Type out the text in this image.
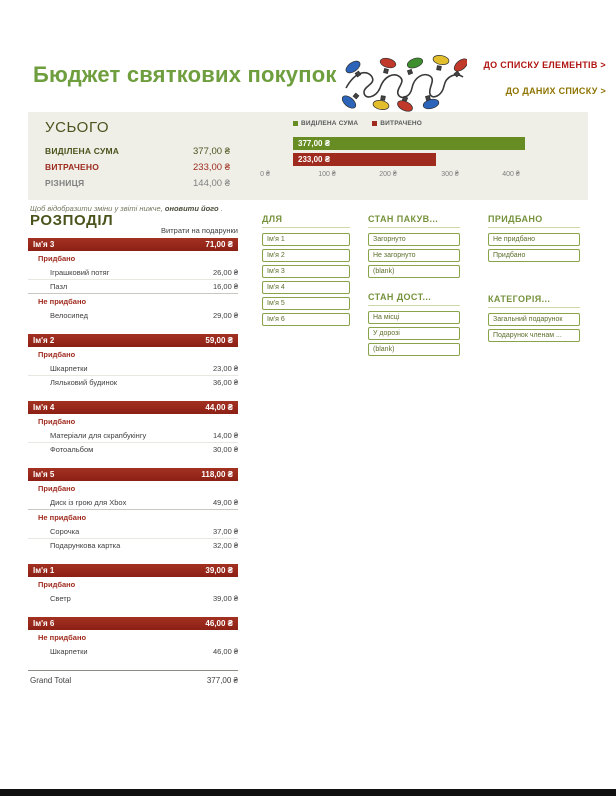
Бюджет святкових покупок	ДО СПИСКУ ЕЛЕМЕНТІВ >
ДО ДАНИХ СПИСКУ >
УСЬОГО
ВИДІЛЕНА СУМА	377,00 ₴
ВИТРАЧЕНО	233,00 ₴
РІЗНИЦЯ	144,00 ₴
ВИДІЛЕНА СУМА	ВИТРАЧЕНО
377,00 ₴
233,00 ₴
0 ₴	100 ₴	200 ₴	300 ₴	400 ₴

Щоб відобразити зміни у звіті нижче, оновити його .

РОЗПОДІЛ
Витрати на подарунки
Ім'я 3	71,00 ₴
Придбано
Іграшковий потяг	26,00 ₴
Пазл	16,00 ₴
Не придбано
Велосипед	29,00 ₴
Ім'я 2	59,00 ₴
Придбано
Шкарпетки	23,00 ₴
Ляльковий будинок	36,00 ₴
Ім'я 4	44,00 ₴
Придбано
Матеріали для скрапбукінгу	14,00 ₴
Фотоальбом	30,00 ₴
Ім'я 5	118,00 ₴
Придбано
Диск із грою для Xbox	49,00 ₴
Не придбано
Сорочка	37,00 ₴
Подарункова картка	32,00 ₴
Ім'я 1	39,00 ₴
Придбано
Светр	39,00 ₴
Ім'я 6	46,00 ₴
Не придбано
Шкарпетки	46,00 ₴
Grand Total	377,00 ₴
ДЛЯ
Ім'я 1
Ім'я 2
Ім'я 3
Ім'я 4
Ім'я 5
Ім'я 6
СТАН ПАКУВ...
Загорнуто
Не загорнуто
(blank)
СТАН ДОСТ...
На місці
У дорозі
(blank)
ПРИДБАНО
Не придбано
Придбано
КАТЕГОРІЯ...
Загальний подарунок
Подарунок членам ...
